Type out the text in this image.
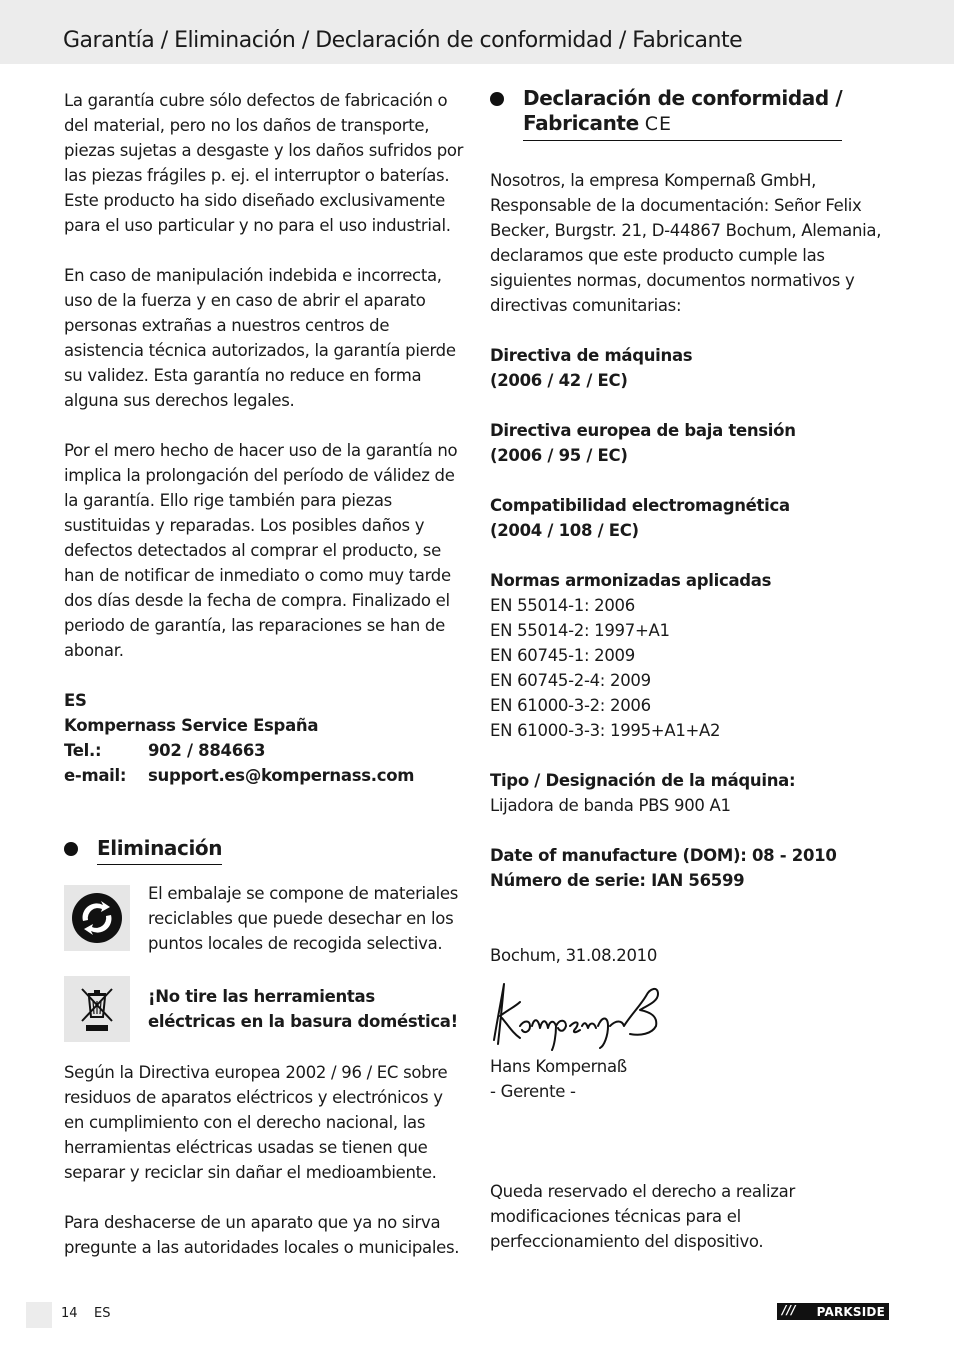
Garantía / Eliminación / Declaración de conformidad / Fabricante

La garantía cubre sólo defectos de fabricación o del material, pero no los daños de transporte, piezas sujetas a desgaste y los daños sufridos por las piezas frágiles p. ej. el interruptor o baterías. Este producto ha sido diseñado exclusivamente para el uso particular y no para el uso industrial.

En caso de manipulación indebida e incorrecta, uso de la fuerza y en caso de abrir el aparato personas extrañas a nuestros centros de asistencia técnica autorizados, la garantía pierde su validez. Esta garantía no reduce en forma alguna sus derechos legales.

Por el mero hecho de hacer uso de la garantía no implica la prolongación del período de válidez de la garantía. Ello rige también para piezas sustituidas y reparadas. Los posibles daños y defectos detectados al comprar el producto, se han de notificar de inmediato o como muy tarde dos días desde la fecha de compra. Finalizado el periodo de garantía, las reparaciones se han de abonar.

ES
Kompernass Service España
Tel.:	902 / 884663
e-mail:	support.es@kompernass.com
Eliminación

El embalaje se compone de materiales reciclables que puede desechar en los puntos locales de recogida selectiva.

¡No tire las herramientas eléctricas en la basura doméstica!

Según la Directiva europea 2002 / 96 / EC sobre residuos de aparatos eléctricos y electrónicos y en cumplimiento con el derecho nacional, las herramientas eléctricas usadas se tienen que separar y reciclar sin dañar el medioambiente.

Para deshacerse de un aparato que ya no sirva pregunte a las autoridades locales o municipales.

Declaración de conformidad /
Fabricante CE

Nosotros, la empresa Kompernaß GmbH, Responsable de la documentación: Señor Felix Becker, Burgstr. 21, D-44867 Bochum, Alemania, declaramos que este producto cumple las siguientes normas, documentos normativos y directivas comunitarias:

Directiva de máquinas
(2006 / 42 / EC)
Directiva europea de baja tensión
(2006 / 95 / EC)
Compatibilidad electromagnética
(2004 / 108 / EC)
Normas armonizadas aplicadas
EN 55014-1: 2006
EN 55014-2: 1997+A1
EN 60745-1: 2009
EN 60745-2-4: 2009
EN 61000-3-2: 2006
EN 61000-3-3: 1995+A1+A2
Tipo / Designación de la máquina:
Lijadora de banda PBS 900 A1
Date of manufacture (DOM): 08 - 2010
Número de serie: IAN 56599
Bochum, 31.08.2010
Hans Kompernaß
- Gerente -

Queda reservado el derecho a realizar modificaciones técnicas para el perfeccionamiento del dispositivo.

14 ES	/// PARKSIDE
